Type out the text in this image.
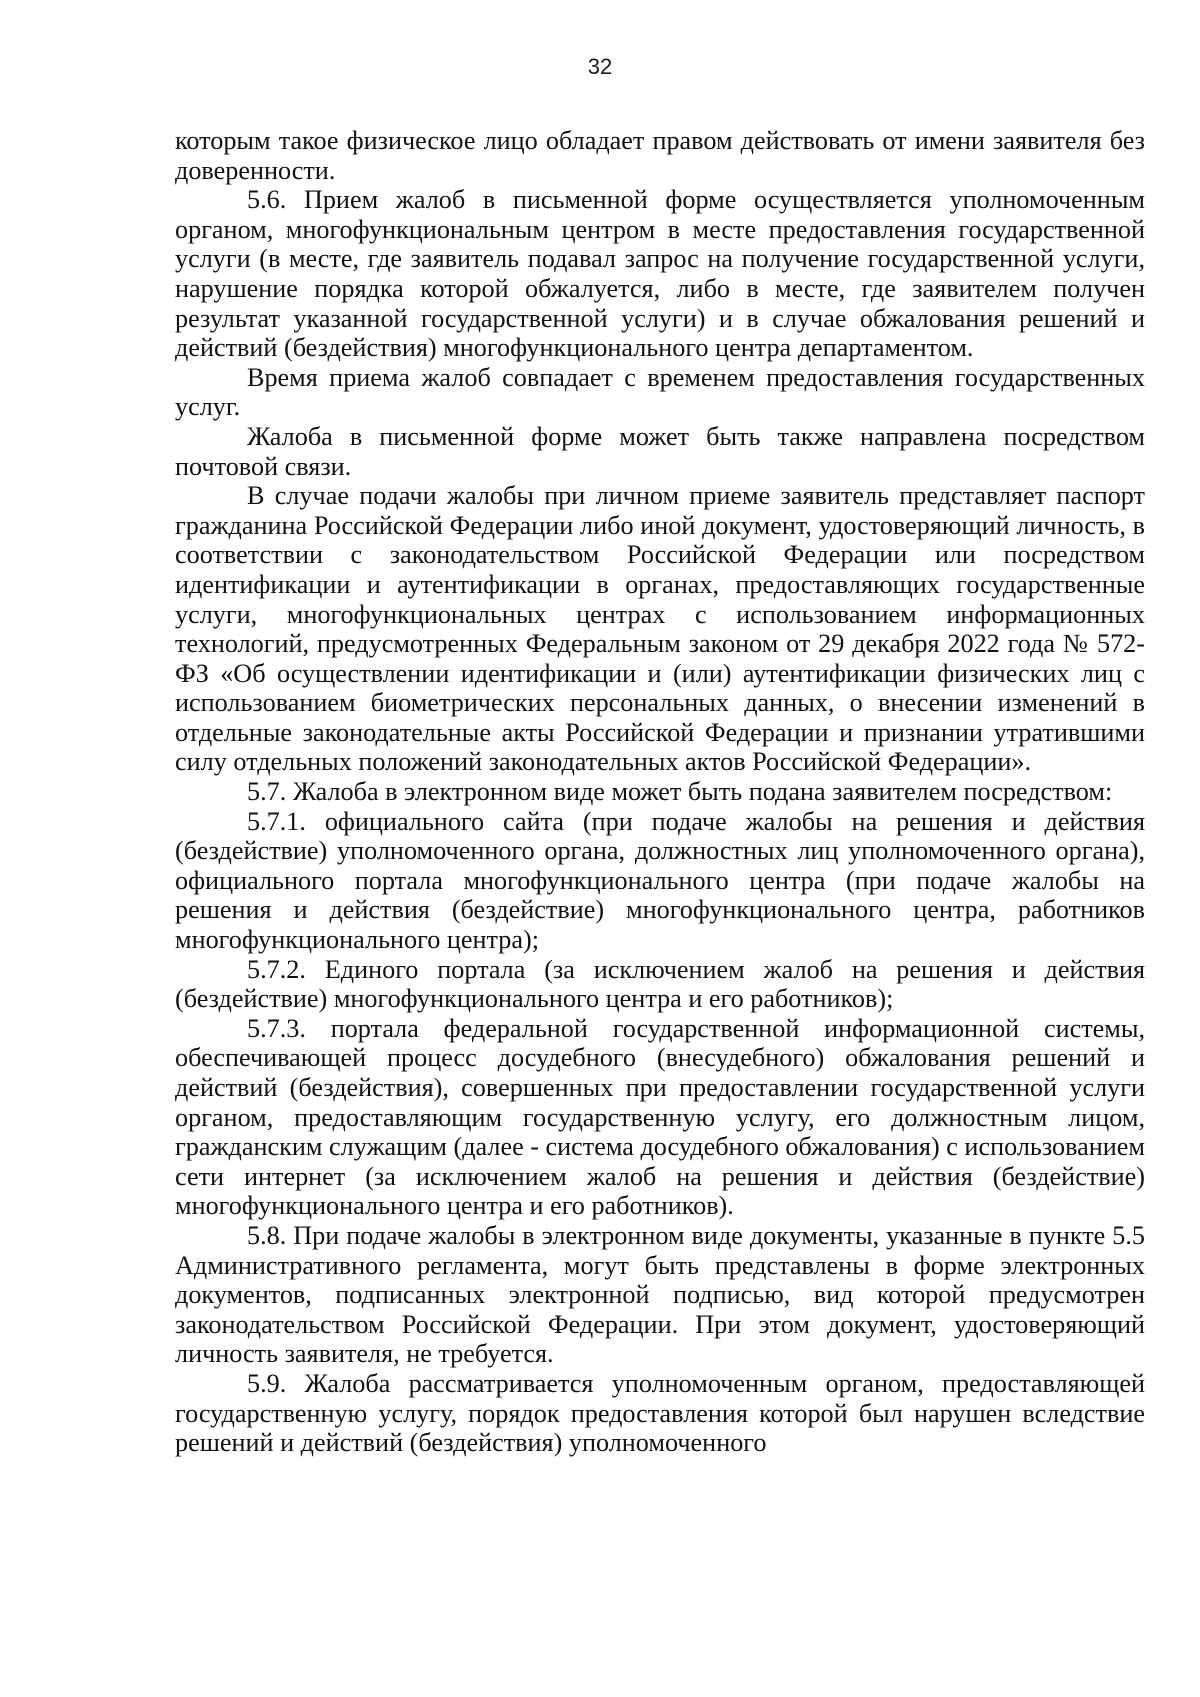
32

которым такое физическое лицо обладает правом действовать от имени заявителя без доверенности.

5.6. Прием жалоб в письменной форме осуществляется уполномоченным органом, многофункциональным центром в месте предоставления государственной услуги (в месте, где заявитель подавал запрос на получение государственной услуги, нарушение порядка которой обжалуется, либо в месте, где заявителем получен результат указанной государственной услуги) и в случае обжалования решений и действий (бездействия) многофункционального центра департаментом.

Время приема жалоб совпадает с временем предоставления государственных услуг.

Жалоба в письменной форме может быть также направлена посредством почтовой связи.

В случае подачи жалобы при личном приеме заявитель представляет паспорт гражданина Российской Федерации либо иной документ, удостоверяющий личность, в соответствии с законодательством Российской Федерации или посредством идентификации и аутентификации в органах, предоставляющих государственные услуги, многофункциональных центрах с использованием информационных технологий, предусмотренных Федеральным законом от 29 декабря 2022 года № 572-ФЗ «Об осуществлении идентификации и (или) аутентификации физических лиц с использованием биометрических персональных данных, о внесении изменений в отдельные законодательные акты Российской Федерации и признании утратившими силу отдельных положений законодательных актов Российской Федерации».

5.7. Жалоба в электронном виде может быть подана заявителем посредством:

5.7.1. официального сайта (при подаче жалобы на решения и действия (бездействие) уполномоченного органа, должностных лиц уполномоченного органа), официального портала многофункционального центра (при подаче жалобы на решения и действия (бездействие) многофункционального центра, работников многофункционального центра);

5.7.2. Единого портала (за исключением жалоб на решения и действия (бездействие) многофункционального центра и его работников);

5.7.3. портала федеральной государственной информационной системы, обеспечивающей процесс досудебного (внесудебного) обжалования решений и действий (бездействия), совершенных при предоставлении государственной услуги органом, предоставляющим государственную услугу, его должностным лицом, гражданским служащим (далее - система досудебного обжалования) с использованием сети интернет (за исключением жалоб на решения и действия (бездействие) многофункционального центра и его работников).

5.8. При подаче жалобы в электронном виде документы, указанные в пункте 5.5 Административного регламента, могут быть представлены в форме электронных документов, подписанных электронной подписью, вид которой предусмотрен законодательством Российской Федерации. При этом документ, удостоверяющий личность заявителя, не требуется.

5.9. Жалоба рассматривается уполномоченным органом, предоставляющей государственную услугу, порядок предоставления которой был нарушен вследствие решений и действий (бездействия) уполномоченного
